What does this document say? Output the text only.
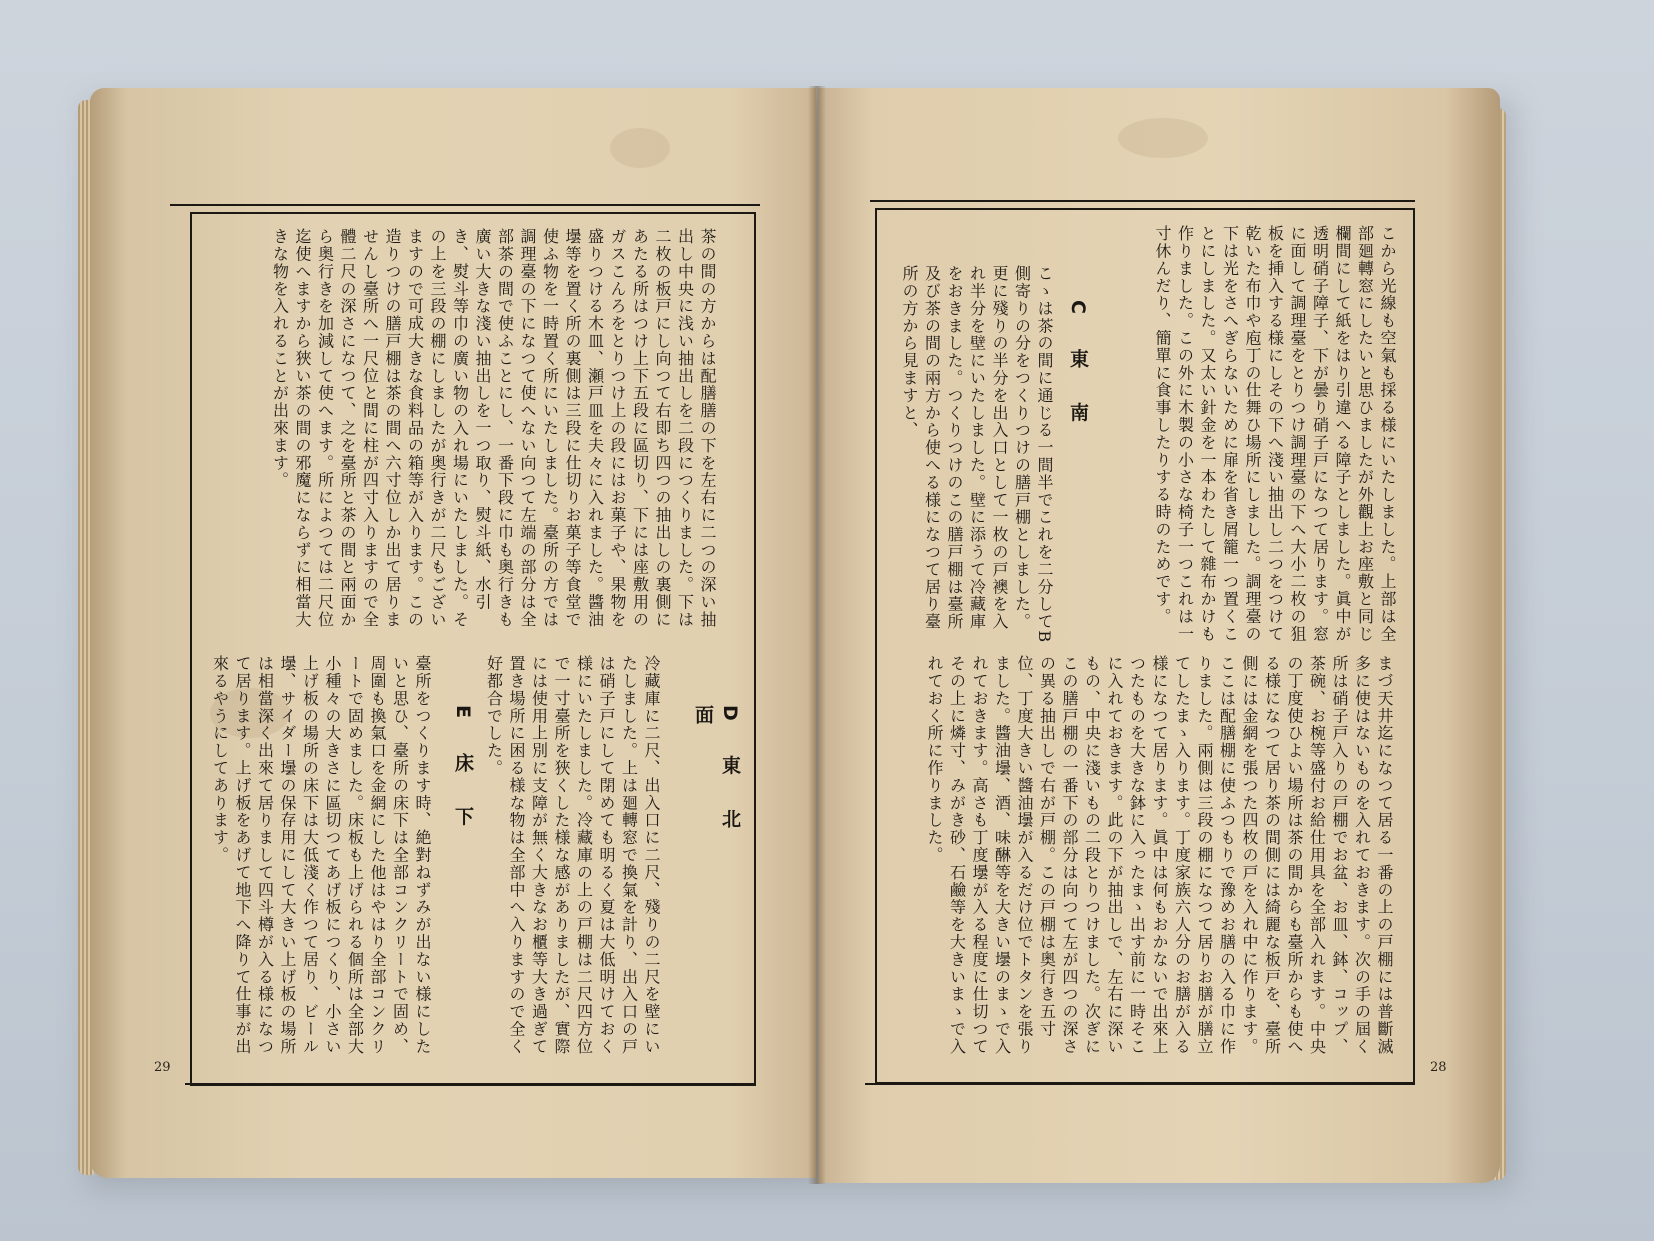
茶の間の方からは配膳膳の下を左右に二つの深い抽出し中央に浅い抽出しを二段につくりました。下は二枚の板戸にし向つて右即ち四つの抽出しの裏側にあたる所はつけ上下五段に區切り、下には座敷用のガスこんろをとりつけ上の段にはお菓子や、果物を盛りつける木皿、瀬戸皿を夫々に入れました。醬油壜等を置く所の裏側は三段に仕切りお菓子等食堂で使ふ物を一時置く所にいたしました。臺所の方では調理臺の下になつて使へない向つて左端の部分は全部茶の間で使ふことにし、一番下段に巾も奥行きも廣い大きな淺い抽出しを一つ取り、熨斗紙、水引き、熨斗等巾の廣い物の入れ場にいたしました。その上を三段の棚にしましたが奥行きが二尺もございますので可成大きな食料品の箱等が入ります。この造りつけの膳戸棚は茶の間へ六寸位しか出て居りませんし臺所へ一尺位と間に柱が四寸入りますので全體二尺の深さになつて、之を臺所と茶の間と兩面から奥行きを加減して使へます。所によつては二尺位迄使へますから狹い茶の間の邪魔にならずに相當大きな物を入れることが出來ます。
D 東 北 面
冷藏庫に二尺、出入口に二尺、殘りの二尺を壁にいたしました。上は廻轉窓で換氣を計り、出入口の戸は硝子戸にして閉めても明るく夏は大低明けておく様にいたしました。冷藏庫の上の戸棚は二尺四方位で一寸臺所を狹くした様な感がありましたが、實際には使用上別に支障が無く大きなお櫃等大き過ぎて置き場所に困る様な物は全部中へ入りますので全く好都合でした。
E 床 下
臺所をつくります時、絶對ねずみが出ない様にしたいと思ひ、臺所の床下は全部コンクリートで固め、周圍も換氣口を金網にした他はやはり全部コンクリートで固めました。床板も上げられる個所は全部大小種々の大きさに區切つてあげ板につくり、小さい上げ板の場所の床下は大低淺く作つて居り、ビール壜、サイダー壜の保存用にして大きい上げ板の場所は相當深く出來て居りまして四斗樽が入る様になつて居ります。上げ板をあげて地下へ降りて仕事が出來るやうにしてあります。
29
こから光線も空氣も採る様にいたしました。上部は全部廻轉窓にしたいと思ひましたが外觀上お座敷と同じ欄間にして紙をはり引違へる障子としました。眞中が透明硝子障子、下が曇り硝子戸になつて居ります。窓に面して調理臺をとりつけ調理臺の下へ大小二枚の狙板を挿入する様にしその下へ淺い抽出し二つをつけて乾いた布巾や庖丁の仕舞ひ場所にしました。調理臺の下は光をさへぎらないために扉を省き屑籠一つ置くことにしました。又太い針金を一本わたして雜布かけも作りました。この外に木製の小さな椅子一つこれは一寸休んだり、簡單に食事したりする時のためです。
C 東 南
こゝは茶の間に通じる一間半でこれを二分してB側寄りの分をつくりつけの膳戸棚としました。更に殘りの半分を出入口として一枚の戸襖を入れ半分を壁にいたしました。壁に添うて冷藏庫をおきました。つくりつけのこの膳戸棚は臺所及び茶の間の兩方から使へる様になつて居り臺所の方から見ますと、
まづ天井迄になつて居る一番の上の戸棚には普斷滅多に使はないものを入れておきます。次の手の屆く所は硝子戸入りの戸棚でお盆、お皿、鉢、コップ、茶碗、お椀等盛付お給仕用具を全部入れます。中央の丁度使ひよい場所は茶の間からも臺所からも使へる様になつて居り茶の間側には綺麗な板戸を、臺所側には金網を張つた四枚の戸を入れ中に作ります。ここは配膳棚に使ふつもりで豫めお膳の入る巾に作りました。兩側は三段の棚になつて居りお膳が膳立てしたまゝ入ります。丁度家族六人分のお膳が入る様になつて居ります。眞中は何もおかないで出來上つたものを大きな鉢に入ったまゝ出す前に一時そこに入れておきます。此の下が抽出しで、左右に深いもの、中央に淺いもの二段とりつけました。次ぎにこの膳戸棚の一番下の部分は向つて左が四つの深さの異る抽出しで右が戸棚。この戸棚は奥行き五寸位、丁度大きい醬油壜が入るだけ位でトタンを張りました。醬油壜、酒、味醂等を大きい壜のまゝで入れておきます。高さも丁度壜が入る程度に仕切つてその上に燐寸、みがき砂、石鹼等を大きいまゝで入れておく所に作りました。
28
